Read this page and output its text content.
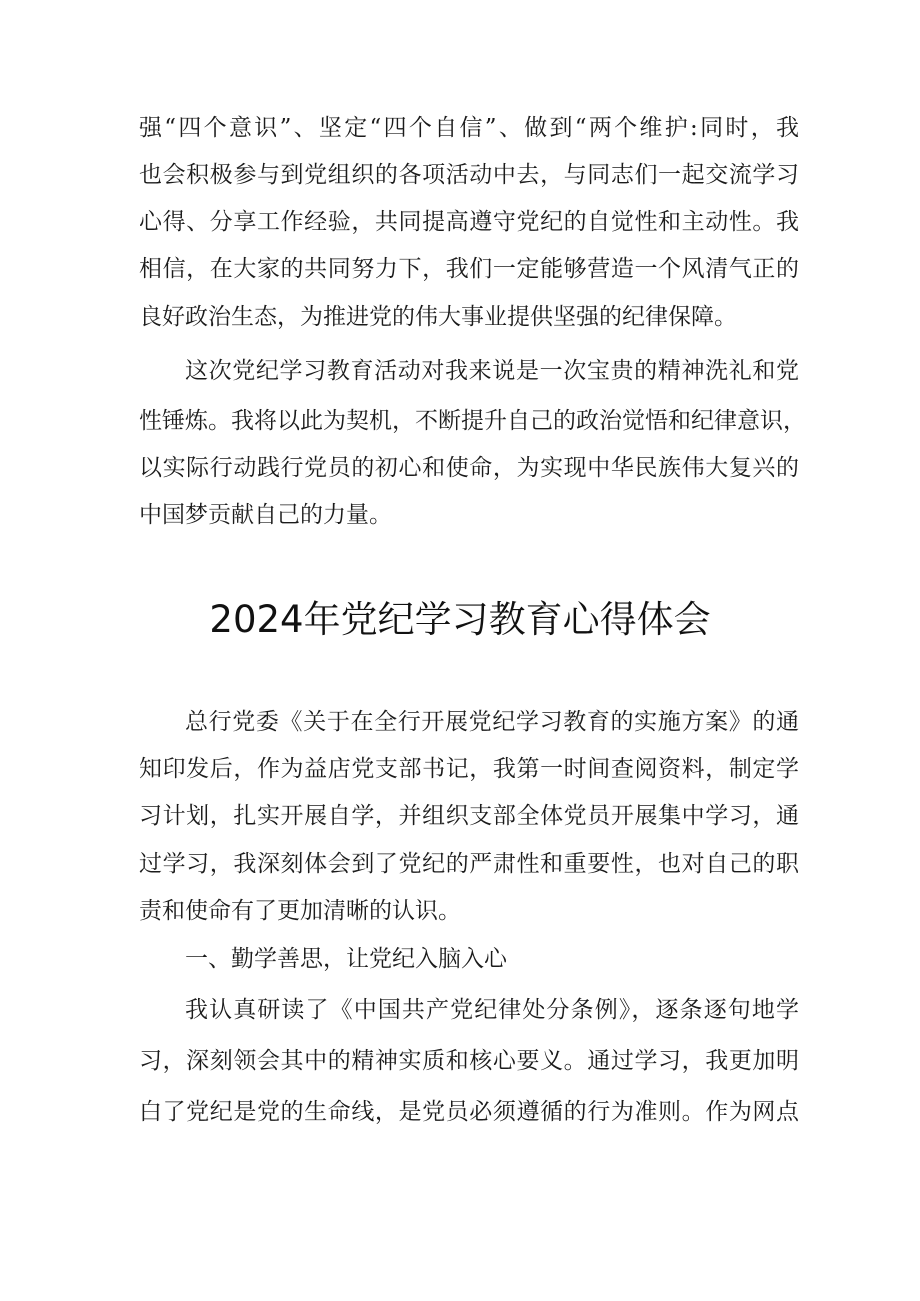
强“四个意识”、坚定“四个自信”、做到“两个维护:同时，我

也会积极参与到党组织的各项活动中去，与同志们一起交流学习

心得、分享工作经验，共同提高遵守党纪的自觉性和主动性。我

相信，在大家的共同努力下，我们一定能够营造一个风清气正的

良好政治生态，为推进党的伟大事业提供坚强的纪律保障。

这次党纪学习教育活动对我来说是一次宝贵的精神洗礼和党

性锤炼。我将以此为契机，不断提升自己的政治觉悟和纪律意识，

以实际行动践行党员的初心和使命，为实现中华民族伟大复兴的

中国梦贡献自己的力量。

2024年党纪学习教育心得体会

总行党委《关于在全行开展党纪学习教育的实施方案》的通

知印发后，作为益店党支部书记，我第一时间查阅资料，制定学

习计划，扎实开展自学，并组织支部全体党员开展集中学习，通

过学习，我深刻体会到了党纪的严肃性和重要性，也对自己的职

责和使命有了更加清晰的认识。

一、勤学善思，让党纪入脑入心

我认真研读了《中国共产党纪律处分条例》，逐条逐句地学

习，深刻领会其中的精神实质和核心要义。通过学习，我更加明

白了党纪是党的生命线，是党员必须遵循的行为准则。作为网点
